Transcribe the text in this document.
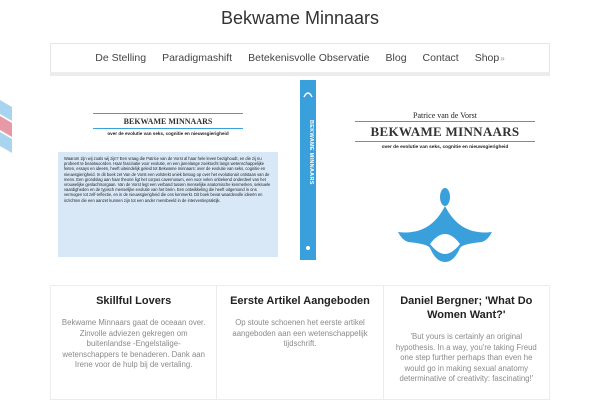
Bekwame Minnaars
De Stelling	Paradigmashift	Betekenisvolle Observatie	Blog	Contact	Shop»
BEKWAME MINNAARS
over de evolutie van seks, cognitie en nieuwsgierigheid
Waarom zijn wij zoals wij zijn? Een vraag die Patrice van de Vorst al haar hele leven bezighoudt, en die zij nu probeert te beantwoorden. Haar fascinatie voor evolutie, en een jarenlange zoektocht langs wetenschappelijke feiten, essays en ideeën, heeft uiteindelijk geleid tot Bekwame minnaars: over de evolutie van seks, cognitie en nieuwsgierigheid. In dit boek zet Van de Vorst een volstrekt uniek betoog op over het evolutionair ontstaan van de mens. Een grondslag aan haar theorie ligt het corpus cavernosum, een voor velen onbekend onderdeel van het vrouwelijke geslachtsorgaan. Van de Vorst legt een verband tussen menselijke anatomische kenmerken, seksuele vaardigheden en de typisch menselijke evolutie van het brein. Een ontwikkeling die heeft uitgemond in ons vermogen tot zelf-reflectie, en in de nieuwsgierigheid die ons kenmerkt. Dit boek bevat waardevolle ideeën en inzichten die een aanzet kunnen zijn tot een ander mensbeeld in de interventiepraktijk.
BEKWAME MINNAARS
Patrice van de Vorst
BEKWAME MINNAARS
over de evolutie van seks, cognitie en nieuwsgierigheid
Skillful Lovers

Bekwame Minnaars gaat de oceaan over. Zinvolle adviezen gekregen om buitenlandse -Engelstalige- wetenschappers te benaderen. Dank aan Irene voor de hulp bij de vertaling.

Eerste Artikel Aangeboden

Op stoute schoenen het eerste artikel aangeboden aan een wetenschappelijk tijdschrift.

Daniel Bergner; 'What Do Women Want?'

'But yours is certainly an original hypothesis. In a way, you're taking Freud one step further perhaps than even he would go in making sexual anatomy determinative of creativity: fascinating!'
